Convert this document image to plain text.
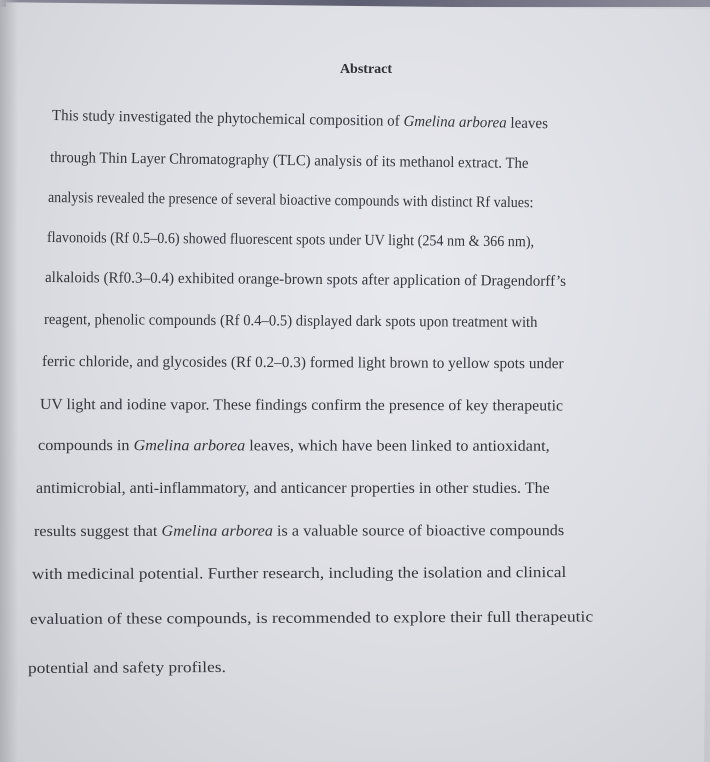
Abstract
This study investigated the phytochemical composition of Gmelina arborea leaves
through Thin Layer Chromatography (TLC) analysis of its methanol extract. The
analysis revealed the presence of several bioactive compounds with distinct Rf values:
flavonoids (Rf 0.5–0.6) showed fluorescent spots under UV light (254 nm & 366 nm),
alkaloids (Rf0.3–0.4) exhibited orange-brown spots after application of Dragendorff’s
reagent, phenolic compounds (Rf 0.4–0.5) displayed dark spots upon treatment with
ferric chloride, and glycosides (Rf 0.2–0.3) formed light brown to yellow spots under
UV light and iodine vapor. These findings confirm the presence of key therapeutic
compounds in Gmelina arborea leaves, which have been linked to antioxidant,
antimicrobial, anti-inflammatory, and anticancer properties in other studies. The
results suggest that Gmelina arborea is a valuable source of bioactive compounds
with medicinal potential. Further research, including the isolation and clinical
evaluation of these compounds, is recommended to explore their full therapeutic
potential and safety profiles.
